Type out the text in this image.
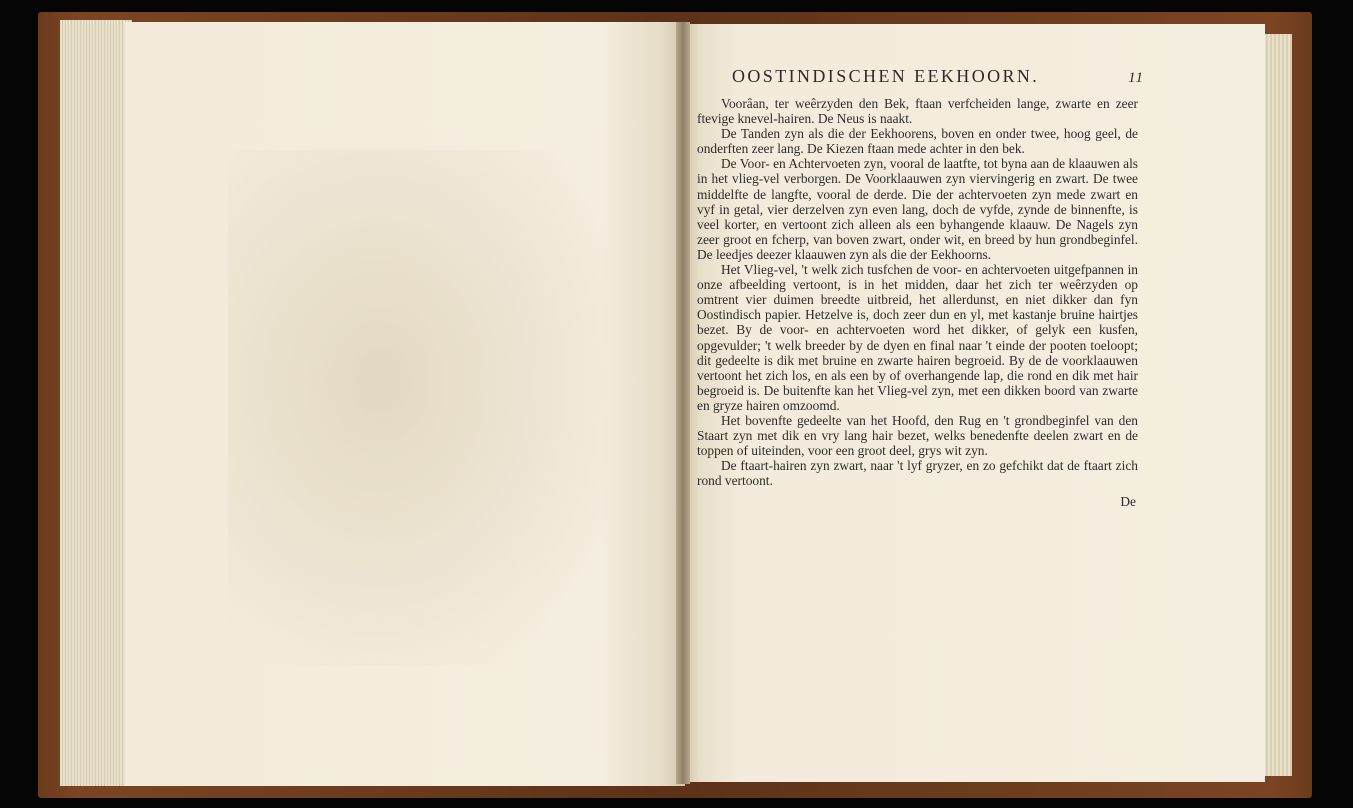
OOSTINDISCHEN EEKHOORN.	11

Voorâan, ter weêrzyden den Bek, ftaan verfcheiden lange, zwarte en zeer ftevige knevel-hairen. De Neus is naakt.

De Tanden zyn als die der Eekhoorens, boven en onder twee, hoog geel, de onderften zeer lang. De Kiezen ftaan mede achter in den bek.

De Voor- en Achtervoeten zyn, vooral de laatfte, tot byna aan de klaauwen als in het vlieg-vel verborgen. De Voorklaauwen zyn viervingerig en zwart. De twee middelfte de langfte, vooral de derde. Die der achtervoeten zyn mede zwart en vyf in getal, vier derzelven zyn even lang, doch de vyfde, zynde de binnenfte, is veel korter, en vertoont zich alleen als een byhangende klaauw. De Nagels zyn zeer groot en fcherp, van boven zwart, onder wit, en breed by hun grondbeginfel. De leedjes deezer klaauwen zyn als die der Eekhoorns.

Het Vlieg-vel, 't welk zich tusfchen de voor- en achtervoeten uitgefpannen in onze afbeelding vertoont, is in het midden, daar het zich ter weêrzyden op omtrent vier duimen breedte uitbreid, het allerdunst, en niet dikker dan fyn Oostindisch papier. Hetzelve is, doch zeer dun en yl, met kastanje bruine hairtjes bezet. By de voor- en achtervoeten word het dikker, of gelyk een kusfen, opgevulder; 't welk breeder by de dyen en final naar 't einde der pooten toeloopt; dit gedeelte is dik met bruine en zwarte hairen begroeid. By de de voorklaauwen vertoont het zich los, en als een by of overhangende lap, die rond en dik met hair begroeid is. De buitenfte kan het Vlieg-vel zyn, met een dikken boord van zwarte en gryze hairen omzoomd.

Het bovenfte gedeelte van het Hoofd, den Rug en 't grondbeginfel van den Staart zyn met dik en vry lang hair bezet, welks benedenfte deelen zwart en de toppen of uiteinden, voor een groot deel, grys wit zyn.

De ftaart-hairen zyn zwart, naar 't lyf gryzer, en zo gefchikt dat de ftaart zich rond vertoont.

De
